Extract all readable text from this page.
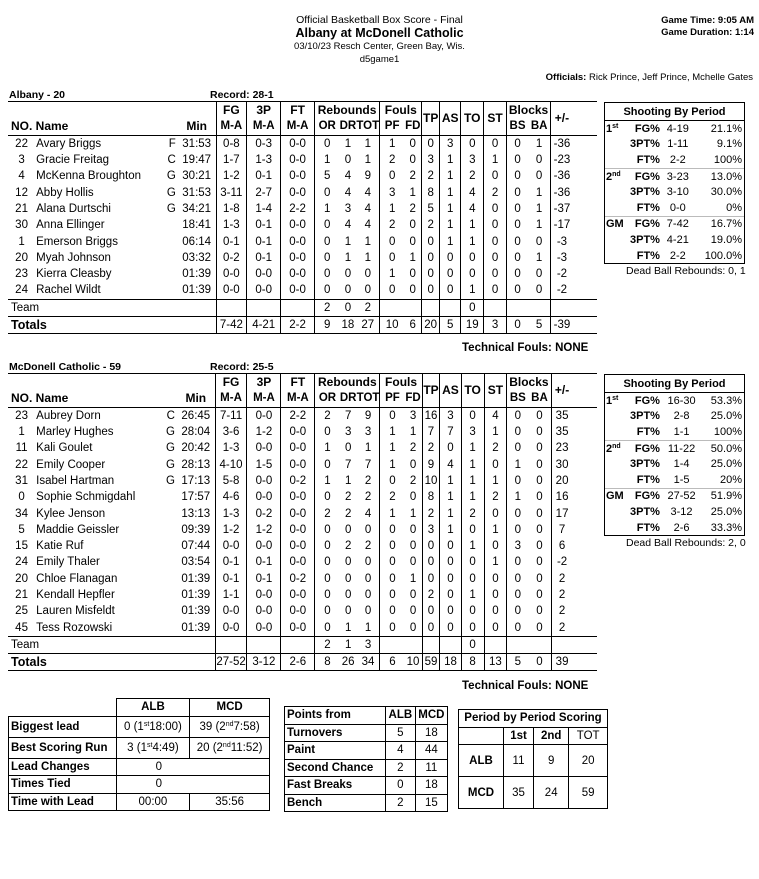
Official Basketball Box Score - Final
Albany at McDonell Catholic
03/10/23 Resch Center, Green Bay, Wis.
d5game1
Game Time: 9:05 AM
Game Duration: 1:14
Officials: Rick Prince, Jeff Prince, Mchelle Gates
Albany - 20	Record: 28-1
			FG	3P	FT	Rebounds			Fouls		TP	AS	TO	ST	Blocks		+/-
NO. Name		Min	M-A	M-A	M-A	OR	DR	TOT	PF	FD					BS	BA	
22	Avary Briggs F	31:53	0-8	0-3	0-0	0	1	1	1	0	0	3	0	0	0	1	-36
3	Gracie Freitag C	19:47	1-7	1-3	0-0	1	0	1	2	0	3	1	3	1	0	0	-23
4	McKenna Broughton G	30:21	1-2	0-1	0-0	5	4	9	0	2	2	1	2	0	0	0	-36
12	Abby Hollis G	31:53	3-11	2-7	0-0	0	4	4	3	1	8	1	4	2	0	1	-36
21	Alana Durtschi G	34:21	1-8	1-4	2-2	1	3	4	1	2	5	1	4	0	0	1	-37
30	Anna Ellinger	18:41	1-3	0-1	0-0	0	4	4	2	0	2	1	1	0	0	1	-17
1	Emerson Briggs	06:14	0-1	0-1	0-0	0	1	1	0	0	0	1	1	0	0	0	-3
20	Myah Johnson	03:32	0-2	0-1	0-0	0	1	1	0	1	0	0	0	0	0	1	-3
23	Kierra Cleasby	01:39	0-0	0-0	0-0	0	0	0	1	0	0	0	0	0	0	0	-2
24	Rachel Wildt	01:39	0-0	0-0	0-0	0	0	0	0	0	0	0	1	0	0	0	-2
Team						2	0	2					0				
Totals			7-42	4-21	2-2	9	18	27	10	6	20	5	19	3	0	5	-39
Technical Fouls: NONE
Shooting By Period			
1st	FG%	4-19	21.1%
	3PT%	1-11	9.1%
	FT%	2-2	100%
2nd	FG%	3-23	13.0%
	3PT%	3-10	30.0%
	FT%	0-0	0%
GM	FG%	7-42	16.7%
	3PT%	4-21	19.0%
	FT%	2-2	100.0%
Dead Ball Rebounds: 0, 1
McDonell Catholic - 59	Record: 25-5
			FG	3P	FT	Rebounds			Fouls		TP	AS	TO	ST	Blocks		+/-
NO. Name		Min	M-A	M-A	M-A	OR	DR	TOT	PF	FD					BS	BA	
23	Aubrey Dorn C	26:45	7-11	0-0	2-2	2	7	9	0	3	16	3	0	4	0	0	35
1	Marley Hughes G	28:04	3-6	1-2	0-0	0	3	3	1	1	7	7	3	1	0	0	35
11	Kali Goulet G	20:42	1-3	0-0	0-0	1	0	1	1	2	2	0	1	2	0	0	23
22	Emily Cooper G	28:13	4-10	1-5	0-0	0	7	7	1	0	9	4	1	0	1	0	30
31	Isabel Hartman G	17:13	5-8	0-0	0-2	1	1	2	0	2	10	1	1	1	0	0	20
0	Sophie Schmigdahl	17:57	4-6	0-0	0-0	0	2	2	2	0	8	1	1	2	1	0	16
34	Kylee Jenson	13:13	1-3	0-2	0-0	2	2	4	1	1	2	1	2	0	0	0	17
5	Maddie Geissler	09:39	1-2	1-2	0-0	0	0	0	0	0	3	1	0	1	0	0	7
15	Katie Ruf	07:44	0-0	0-0	0-0	0	2	2	0	0	0	0	1	0	3	0	6
24	Emily Thaler	03:54	0-1	0-1	0-0	0	0	0	0	0	0	0	0	1	0	0	-2
20	Chloe Flanagan	01:39	0-1	0-1	0-2	0	0	0	0	1	0	0	0	0	0	0	2
21	Kendall Hepfler	01:39	1-1	0-0	0-0	0	0	0	0	0	2	0	1	0	0	0	2
25	Lauren Misfeldt	01:39	0-0	0-0	0-0	0	0	0	0	0	0	0	0	0	0	0	2
45	Tess Rozowski	01:39	0-0	0-0	0-0	0	1	1	0	0	0	0	0	0	0	0	2
Team						2	1	3					0				
Totals			27-52	3-12	2-6	8	26	34	6	10	59	18	8	13	5	0	39
Technical Fouls: NONE
Shooting By Period			
1st	FG%	16-30	53.3%
	3PT%	2-8	25.0%
	FT%	1-1	100%
2nd	FG%	11-22	50.0%
	3PT%	1-4	25.0%
	FT%	1-5	20%
GM	FG%	27-52	51.9%
	3PT%	3-12	25.0%
	FT%	2-6	33.3%
Dead Ball Rebounds: 2, 0
	ALB	MCD
Biggest lead	0 (1st18:00)	39 (2nd7:58)
Best Scoring Run	3 (1st4:49)	20 (2nd11:52)
Lead Changes	0	
Times Tied	0	
Time with Lead	00:00	35:56
Points from	ALB	MCD
Turnovers	5	18
Paint	4	44
Second Chance	2	11
Fast Breaks	0	18
Bench	2	15
Period by Period Scoring			
	1st	2nd	TOT
ALB	11	9	20
MCD	35	24	59
